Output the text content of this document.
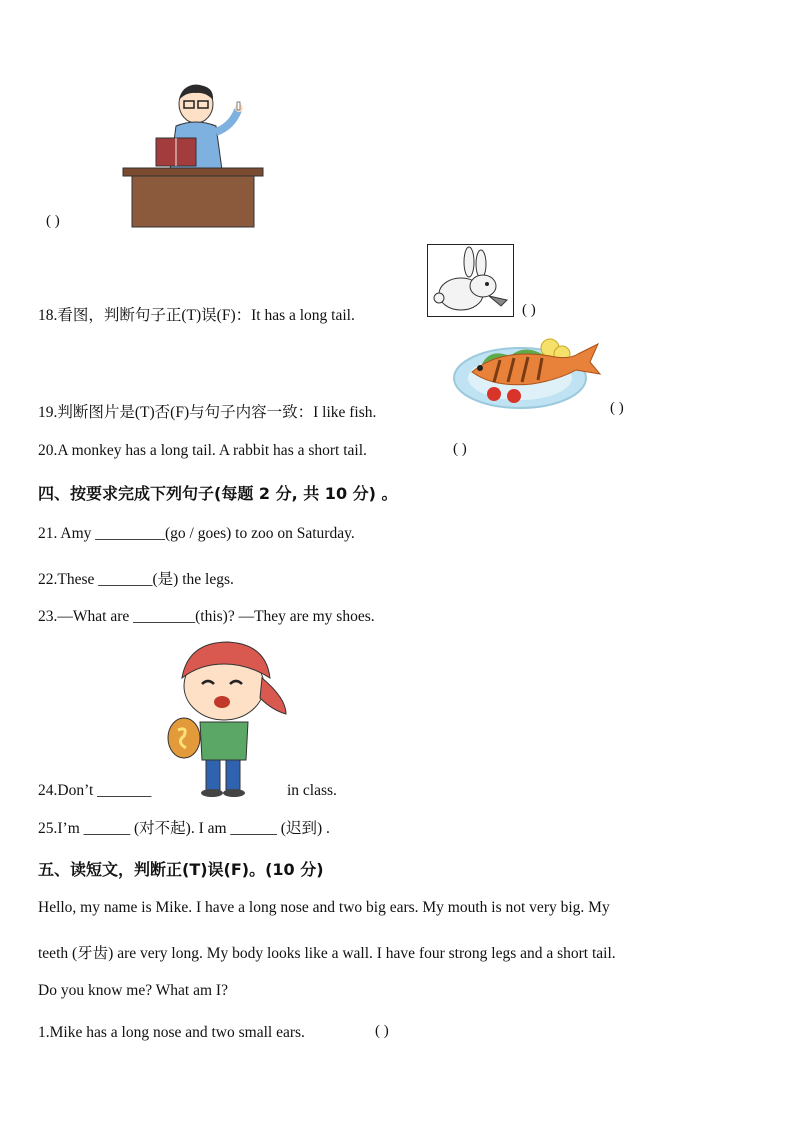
( )
18.看图，判断句子正(T)误(F)：It has a long tail.	( )
19.判断图片是(T)否(F)与句子内容一致：I like fish.	( )
20.A monkey has a long tail. A rabbit has a short tail.	( )
四、按要求完成下列句子(每题 2 分, 共 10 分) 。
21. Amy _________(go / goes) to zoo on Saturday.
22.These _______(是) the legs.
23.—What are ________(this)? —They are my shoes.
24.Don’t _______	in class.
25.I’m ______ (对不起). I am ______ (迟到) .
五、读短文，判断正(T)误(F)。(10 分)
Hello, my name is Mike. I have a long nose and two big ears. My mouth is not very big. My
teeth (牙齿) are very long. My body looks like a wall. I have four strong legs and a short tail.
Do you know me? What am I?
1.Mike has a long nose and two small ears.	( )
